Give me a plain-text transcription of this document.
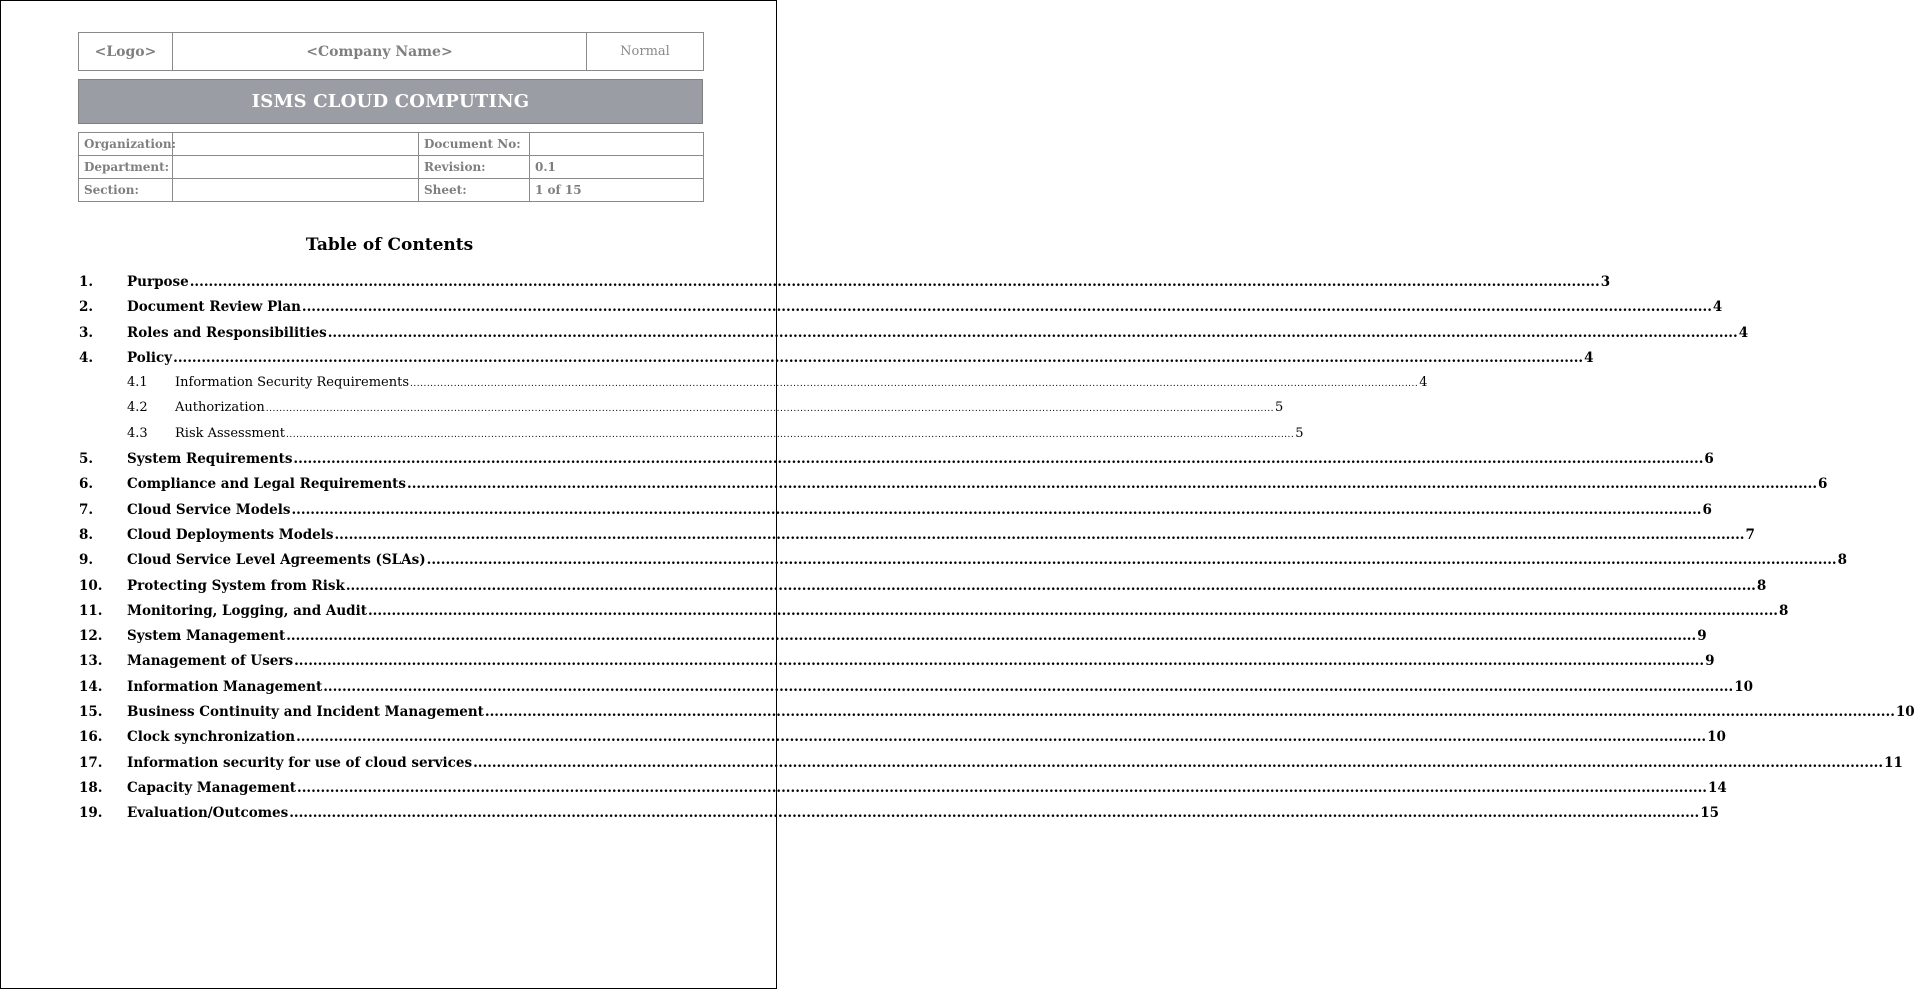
<Logo>	<Company Name>	Normal
ISMS CLOUD COMPUTING
Organization:		Document No:	
Department:		Revision:	0.1
Section:		Sheet:	1 of 15
Table of Contents
1.	Purpose ............................................................................................................................................................................................................................................................................................................ 3
2.	Document Review Plan ............................................................................................................................................................................................................................................................................................................ 4
3.	Roles and Responsibilities ............................................................................................................................................................................................................................................................................................................ 4
4.	Policy ............................................................................................................................................................................................................................................................................................................ 4
4.1	Information Security Requirements ............................................................................................................................................................................................................................................................................................................ 4
4.2	Authorization ............................................................................................................................................................................................................................................................................................................ 5
4.3	Risk Assessment ............................................................................................................................................................................................................................................................................................................ 5
5.	System Requirements ............................................................................................................................................................................................................................................................................................................ 6
6.	Compliance and Legal Requirements ............................................................................................................................................................................................................................................................................................................ 6
7.	Cloud Service Models ............................................................................................................................................................................................................................................................................................................ 6
8.	Cloud Deployments Models ............................................................................................................................................................................................................................................................................................................ 7
9.	Cloud Service Level Agreements (SLAs) ............................................................................................................................................................................................................................................................................................................ 8
10.	Protecting System from Risk ............................................................................................................................................................................................................................................................................................................ 8
11.	Monitoring, Logging, and Audit ............................................................................................................................................................................................................................................................................................................ 8
12.	System Management ............................................................................................................................................................................................................................................................................................................ 9
13.	Management of Users ............................................................................................................................................................................................................................................................................................................ 9
14.	Information Management ............................................................................................................................................................................................................................................................................................................ 10
15.	Business Continuity and Incident Management ............................................................................................................................................................................................................................................................................................................ 10
16.	Clock synchronization ............................................................................................................................................................................................................................................................................................................ 10
17.	Information security for use of cloud services ............................................................................................................................................................................................................................................................................................................ 11
18.	Capacity Management ............................................................................................................................................................................................................................................................................................................ 14
19.	Evaluation/Outcomes ............................................................................................................................................................................................................................................................................................................ 15
